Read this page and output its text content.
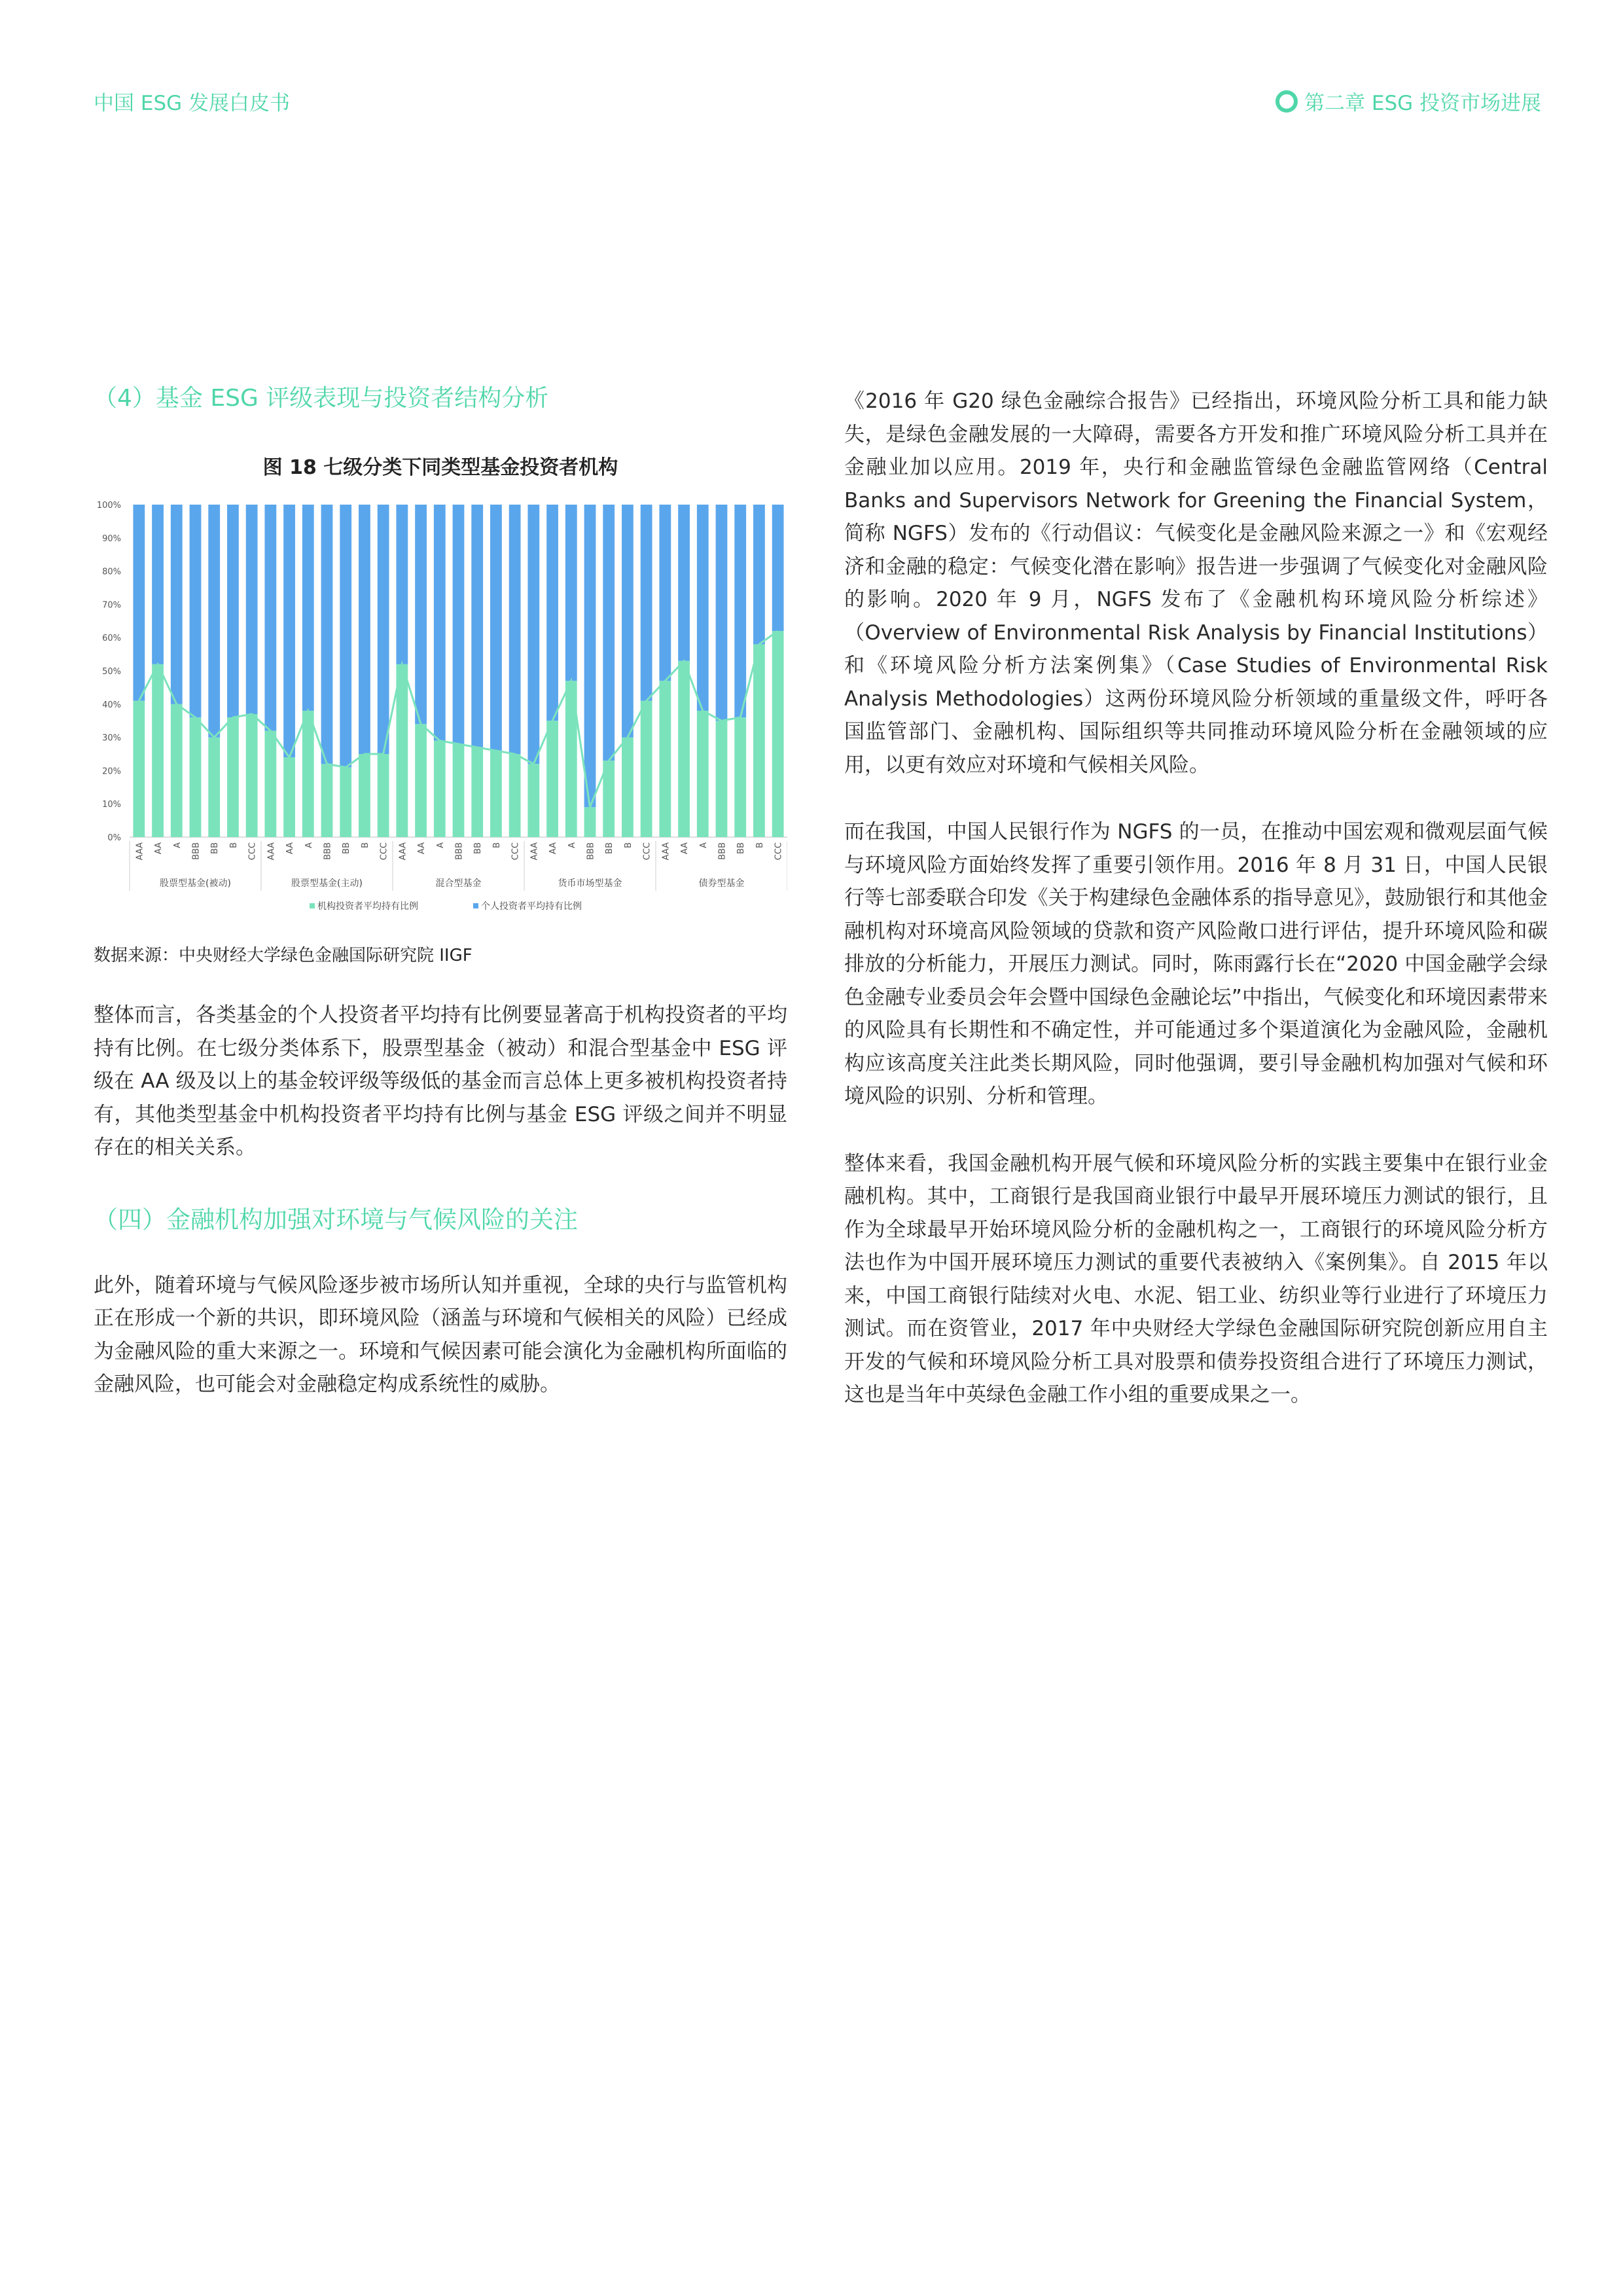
中国 ESG 发展白皮书	第二章 ESG 投资市场进展
（4）基金 ESG 评级表现与投资者结构分析
图 18 七级分类下同类型基金投资者机构
0%
10%
20%
30%
40%
50%
60%
70%
80%
90%
100%
AAA AA A BBB BB B CCC AAA AA A BBB BB B CCC AAA AA A BBB BB B CCC AAA AA A BBB BB B CCC AAA AA A BBB BB B CCC
股票型基金(被动)	股票型基金(主动)	混合型基金	货币市场型基金	债券型基金
机构投资者平均持有比例	个人投资者平均持有比例
数据来源：中央财经大学绿色金融国际研究院 IIGF

整体而言，各类基金的个人投资者平均持有比例要显著高于机构投资者的平均持有比例。在七级分类体系下，股票型基金（被动）和混合型基金中 ESG 评级在 AA 级及以上的基金较评级等级低的基金而言总体上更多被机构投资者持有，其他类型基金中机构投资者平均持有比例与基金 ESG 评级之间并不明显存在的相关关系。

（四）金融机构加强对环境与气候风险的关注

此外，随着环境与气候风险逐步被市场所认知并重视，全球的央行与监管机构正在形成一个新的共识，即环境风险（涵盖与环境和气候相关的风险）已经成为金融风险的重大来源之一。环境和气候因素可能会演化为金融机构所面临的金融风险，也可能会对金融稳定构成系统性的威胁。

《2016 年 G20 绿色金融综合报告》已经指出，环境风险分析工具和能力缺失，是绿色金融发展的一大障碍，需要各方开发和推广环境风险分析工具并在金融业加以应用。2019 年，央行和金融监管绿色金融监管网络（Central Banks and Supervisors Network for Greening the Financial System，简称 NGFS）发布的《行动倡议：气候变化是金融风险来源之一》和《宏观经济和金融的稳定：气候变化潜在影响》报告进一步强调了气候变化对金融风险的影响。2020 年 9 月，NGFS 发布了《金融机构环境风险分析综述》（Overview of Environmental Risk Analysis by Financial Institutions）和《环境风险分析方法案例集》（Case Studies of Environmental Risk Analysis Methodologies）这两份环境风险分析领域的重量级文件，呼吁各国监管部门、金融机构、国际组织等共同推动环境风险分析在金融领域的应用，以更有效应对环境和气候相关风险。

而在我国，中国人民银行作为 NGFS 的一员，在推动中国宏观和微观层面气候与环境风险方面始终发挥了重要引领作用。2016 年 8 月 31 日，中国人民银行等七部委联合印发《关于构建绿色金融体系的指导意见》，鼓励银行和其他金融机构对环境高风险领域的贷款和资产风险敞口进行评估，提升环境风险和碳排放的分析能力，开展压力测试。同时，陈雨露行长在“2020 中国金融学会绿色金融专业委员会年会暨中国绿色金融论坛”中指出，气候变化和环境因素带来的风险具有长期性和不确定性，并可能通过多个渠道演化为金融风险，金融机构应该高度关注此类长期风险，同时他强调，要引导金融机构加强对气候和环境风险的识别、分析和管理。

整体来看，我国金融机构开展气候和环境风险分析的实践主要集中在银行业金融机构。其中，工商银行是我国商业银行中最早开展环境压力测试的银行，且作为全球最早开始环境风险分析的金融机构之一，工商银行的环境风险分析方法也作为中国开展环境压力测试的重要代表被纳入《案例集》。自 2015 年以来，中国工商银行陆续对火电、水泥、铝工业、纺织业等行业进行了环境压力测试。而在资管业，2017 年中央财经大学绿色金融国际研究院创新应用自主开发的气候和环境风险分析工具对股票和债券投资组合进行了环境压力测试，这也是当年中英绿色金融工作小组的重要成果之一。
